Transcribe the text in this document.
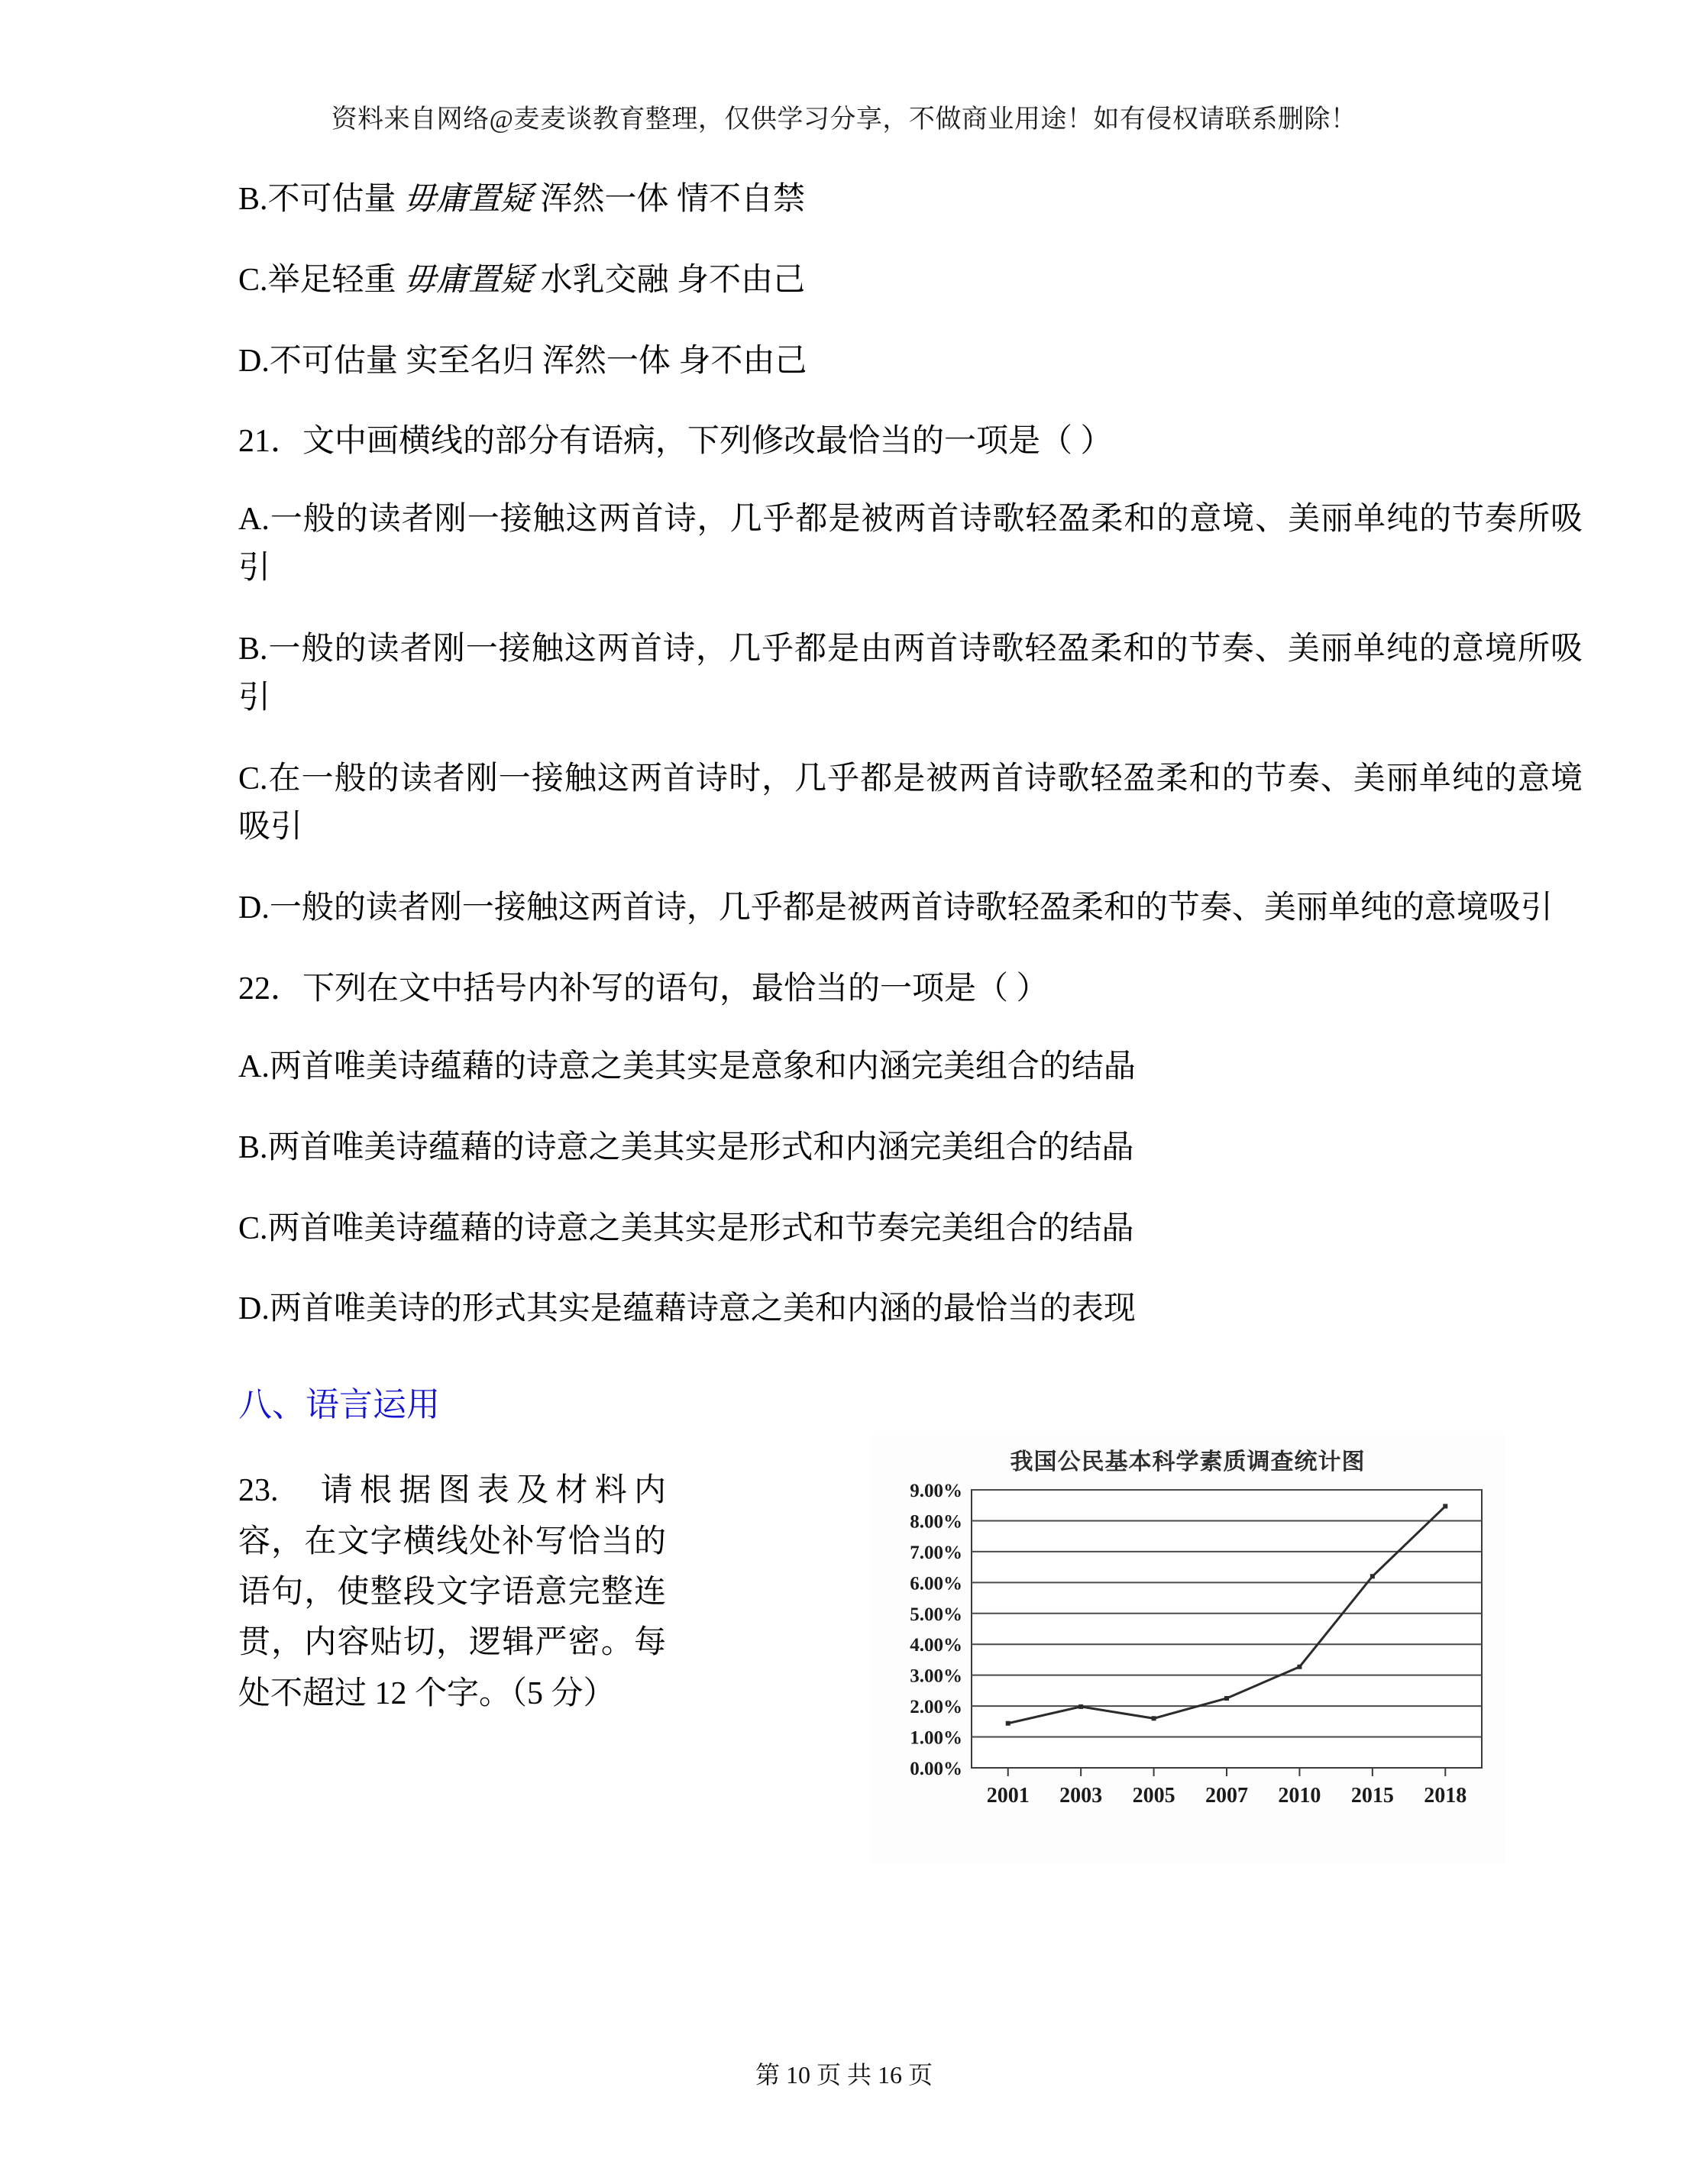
资料来自网络@麦麦谈教育整理，仅供学习分享，不做商业用途！如有侵权请联系删除！

B.不可估量 毋庸置疑 浑然一体 情不自禁

C.举足轻重 毋庸置疑 水乳交融 身不由己

D.不可估量 实至名归 浑然一体 身不由己

21．文中画横线的部分有语病，下列修改最恰当的一项是（ ）

A.一般的读者刚一接触这两首诗，几乎都是被两首诗歌轻盈柔和的意境、美丽单纯的节奏所吸引

B.一般的读者刚一接触这两首诗，几乎都是由两首诗歌轻盈柔和的节奏、美丽单纯的意境所吸引

C.在一般的读者刚一接触这两首诗时，几乎都是被两首诗歌轻盈柔和的节奏、美丽单纯的意境吸引

D.一般的读者刚一接触这两首诗，几乎都是被两首诗歌轻盈柔和的节奏、美丽单纯的意境吸引

22．下列在文中括号内补写的语句，最恰当的一项是（ ）

A.两首唯美诗蕴藉的诗意之美其实是意象和内涵完美组合的结晶

B.两首唯美诗蕴藉的诗意之美其实是形式和内涵完美组合的结晶

C.两首唯美诗蕴藉的诗意之美其实是形式和节奏完美组合的结晶

D.两首唯美诗的形式其实是蕴藉诗意之美和内涵的最恰当的表现

八、语言运用
23. 请根据图表及材料内容，在文字横线处补写恰当的语句，使整段文字语意完整连贯，内容贴切，逻辑严密。每处不超过 12 个字。（5 分）
我国公民基本科学素质调查统计图
0.00%
1.00%
2.00%
3.00%
4.00%
5.00%
6.00%
7.00%
8.00%
9.00%
2001 2003 2005 2007 2010 2015 2018
第 10 页 共 16 页
